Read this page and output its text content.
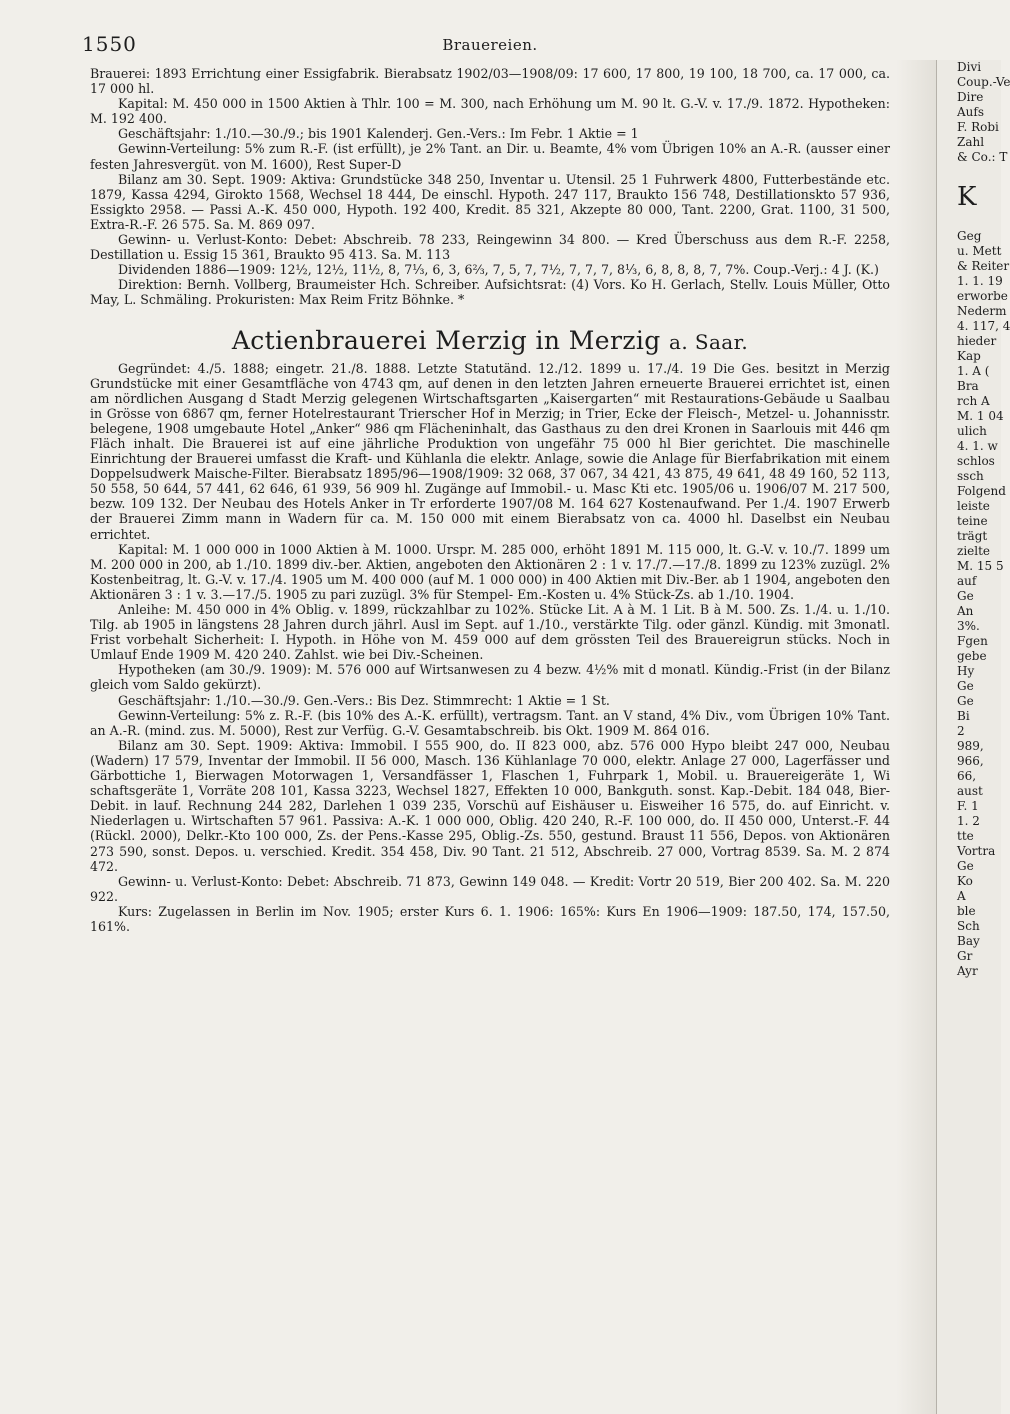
1550	Brauereien.

Brauerei: 1893 Errichtung einer Essigfabrik. Bierabsatz 1902/03—1908/09: 17 600, 17 800, 19 100, 18 700, ca. 17 000, ca. 17 000 hl.

Kapital: M. 450 000 in 1500 Aktien à Thlr. 100 = M. 300, nach Erhöhung um M. 90 lt. G.-V. v. 17./9. 1872. Hypotheken: M. 192 400.

Geschäftsjahr: 1./10.—30./9.; bis 1901 Kalenderj. Gen.-Vers.: Im Febr. 1 Aktie = 1

Gewinn-Verteilung: 5% zum R.-F. (ist erfüllt), je 2% Tant. an Dir. u. Beamte, 4% vom Übrigen 10% an A.-R. (ausser einer festen Jahresvergüt. von M. 1600), Rest Super-D

Bilanz am 30. Sept. 1909: Aktiva: Grundstücke 348 250, Inventar u. Utensil. 25 1 Fuhrwerk 4800, Futterbestände etc. 1879, Kassa 4294, Girokto 1568, Wechsel 18 444, De einschl. Hypoth. 247 117, Braukto 156 748, Destillationskto 57 936, Essigkto 2958. — Passi A.-K. 450 000, Hypoth. 192 400, Kredit. 85 321, Akzepte 80 000, Tant. 2200, Grat. 1100, 31 500, Extra-R.-F. 26 575. Sa. M. 869 097.

Gewinn- u. Verlust-Konto: Debet: Abschreib. 78 233, Reingewinn 34 800. — Kred Überschuss aus dem R.-F. 2258, Destillation u. Essig 15 361, Braukto 95 413. Sa. M. 113

Dividenden 1886—1909: 12½, 12½, 11½, 8, 7⅓, 6, 3, 6⅔, 7, 5, 7, 7½, 7, 7, 7, 8⅓, 6, 8, 8, 8, 7, 7%. Coup.-Verj.: 4 J. (K.)

Direktion: Bernh. Vollberg, Braumeister Hch. Schreiber. Aufsichtsrat: (4) Vors. Ko H. Gerlach, Stellv. Louis Müller, Otto May, L. Schmäling. Prokuristen: Max Reim Fritz Böhnke. *

Actienbrauerei Merzig in Merzig a. Saar.

Gegründet: 4./5. 1888; eingetr. 21./8. 1888. Letzte Statutänd. 12./12. 1899 u. 17./4. 19 Die Ges. besitzt in Merzig Grundstücke mit einer Gesamtfläche von 4743 qm, auf denen in den letzten Jahren erneuerte Brauerei errichtet ist, einen am nördlichen Ausgang d Stadt Merzig gelegenen Wirtschaftsgarten „Kaisergarten“ mit Restaurations-Gebäude u Saalbau in Grösse von 6867 qm, ferner Hotelrestaurant Trierscher Hof in Merzig; in Trier, Ecke der Fleisch-, Metzel- u. Johannisstr. belegene, 1908 umgebaute Hotel „Anker“ 986 qm Flächeninhalt, das Gasthaus zu den drei Kronen in Saarlouis mit 446 qm Fläch inhalt. Die Brauerei ist auf eine jährliche Produktion von ungefähr 75 000 hl Bier gerichtet. Die maschinelle Einrichtung der Brauerei umfasst die Kraft- und Kühlanla die elektr. Anlage, sowie die Anlage für Bierfabrikation mit einem Doppelsudwerk Maische-Filter. Bierabsatz 1895/96—1908/1909: 32 068, 37 067, 34 421, 43 875, 49 641, 48 49 160, 52 113, 50 558, 50 644, 57 441, 62 646, 61 939, 56 909 hl. Zugänge auf Immobil.- u. Masc Kti etc. 1905/06 u. 1906/07 M. 217 500, bezw. 109 132. Der Neubau des Hotels Anker in Tr erforderte 1907/08 M. 164 627 Kostenaufwand. Per 1./4. 1907 Erwerb der Brauerei Zimm mann in Wadern für ca. M. 150 000 mit einem Bierabsatz von ca. 4000 hl. Daselbst ein Neubau errichtet.

Kapital: M. 1 000 000 in 1000 Aktien à M. 1000. Urspr. M. 285 000, erhöht 1891 M. 115 000, lt. G.-V. v. 10./7. 1899 um M. 200 000 in 200, ab 1./10. 1899 div.-ber. Aktien, angeboten den Aktionären 2 : 1 v. 17./7.—17./8. 1899 zu 123% zuzügl. 2% Kostenbeitrag, lt. G.-V. v. 17./4. 1905 um M. 400 000 (auf M. 1 000 000) in 400 Aktien mit Div.-Ber. ab 1 1904, angeboten den Aktionären 3 : 1 v. 3.—17./5. 1905 zu pari zuzügl. 3% für Stempel- Em.-Kosten u. 4% Stück-Zs. ab 1./10. 1904.

Anleihe: M. 450 000 in 4% Oblig. v. 1899, rückzahlbar zu 102%. Stücke Lit. A à M. 1 Lit. B à M. 500. Zs. 1./4. u. 1./10. Tilg. ab 1905 in längstens 28 Jahren durch jährl. Ausl im Sept. auf 1./10., verstärkte Tilg. oder gänzl. Kündig. mit 3monatl. Frist vorbehalt Sicherheit: I. Hypoth. in Höhe von M. 459 000 auf dem grössten Teil des Brauereigrun stücks. Noch in Umlauf Ende 1909 M. 420 240. Zahlst. wie bei Div.-Scheinen.

Hypotheken (am 30./9. 1909): M. 576 000 auf Wirtsanwesen zu 4 bezw. 4½% mit d monatl. Kündig.-Frist (in der Bilanz gleich vom Saldo gekürzt).

Geschäftsjahr: 1./10.—30./9. Gen.-Vers.: Bis Dez. Stimmrecht: 1 Aktie = 1 St.

Gewinn-Verteilung: 5% z. R.-F. (bis 10% des A.-K. erfüllt), vertragsm. Tant. an V stand, 4% Div., vom Übrigen 10% Tant. an A.-R. (mind. zus. M. 5000), Rest zur Verfüg. G.-V. Gesamtabschreib. bis Okt. 1909 M. 864 016.

Bilanz am 30. Sept. 1909: Aktiva: Immobil. I 555 900, do. II 823 000, abz. 576 000 Hypo bleibt 247 000, Neubau (Wadern) 17 579, Inventar der Immobil. II 56 000, Masch. 136 Kühlanlage 70 000, elektr. Anlage 27 000, Lagerfässer und Gärbottiche 1, Bierwagen Motorwagen 1, Versandfässer 1, Flaschen 1, Fuhrpark 1, Mobil. u. Brauereigeräte 1, Wi schaftsgeräte 1, Vorräte 208 101, Kassa 3223, Wechsel 1827, Effekten 10 000, Bankguth. sonst. Kap.-Debit. 184 048, Bier-Debit. in lauf. Rechnung 244 282, Darlehen 1 039 235, Vorschü auf Eishäuser u. Eisweiher 16 575, do. auf Einricht. v. Niederlagen u. Wirtschaften 57 961. Passiva: A.-K. 1 000 000, Oblig. 420 240, R.-F. 100 000, do. II 450 000, Unterst.-F. 44 (Rückl. 2000), Delkr.-Kto 100 000, Zs. der Pens.-Kasse 295, Oblig.-Zs. 550, gestund. Braust 11 556, Depos. von Aktionären 273 590, sonst. Depos. u. verschied. Kredit. 354 458, Div. 90 Tant. 21 512, Abschreib. 27 000, Vortrag 8539. Sa. M. 2 874 472.

Gewinn- u. Verlust-Konto: Debet: Abschreib. 71 873, Gewinn 149 048. — Kredit: Vortr 20 519, Bier 200 402. Sa. M. 220 922.

Kurs: Zugelassen in Berlin im Nov. 1905; erster Kurs 6. 1. 1906: 165%: Kurs En 1906—1909: 187.50, 174, 157.50, 161%.

Divi
Coup.-Ve
Dire
Aufs
F. Robi
Zahl
& Co.: T
K
Geg
u. Mett
& Reiter
1. 1. 19
erworbe
Nederm
4. 117, 4
hieder
Kap
1. A (
Bra
rch A
M. 1 04
ulich
4. 1. w
schlos
ssch
Folgend
leiste
teine
trägt
zielte
M. 15 5
auf
Ge
An
3%.
Fgen
gebe
Hy
Ge
Ge
Bi
2
989,
966,
66,
aust
F. 1
1. 2
tte
Vortra
Ge
Ko
A
ble
Sch
Bay
Gr
Ayr
